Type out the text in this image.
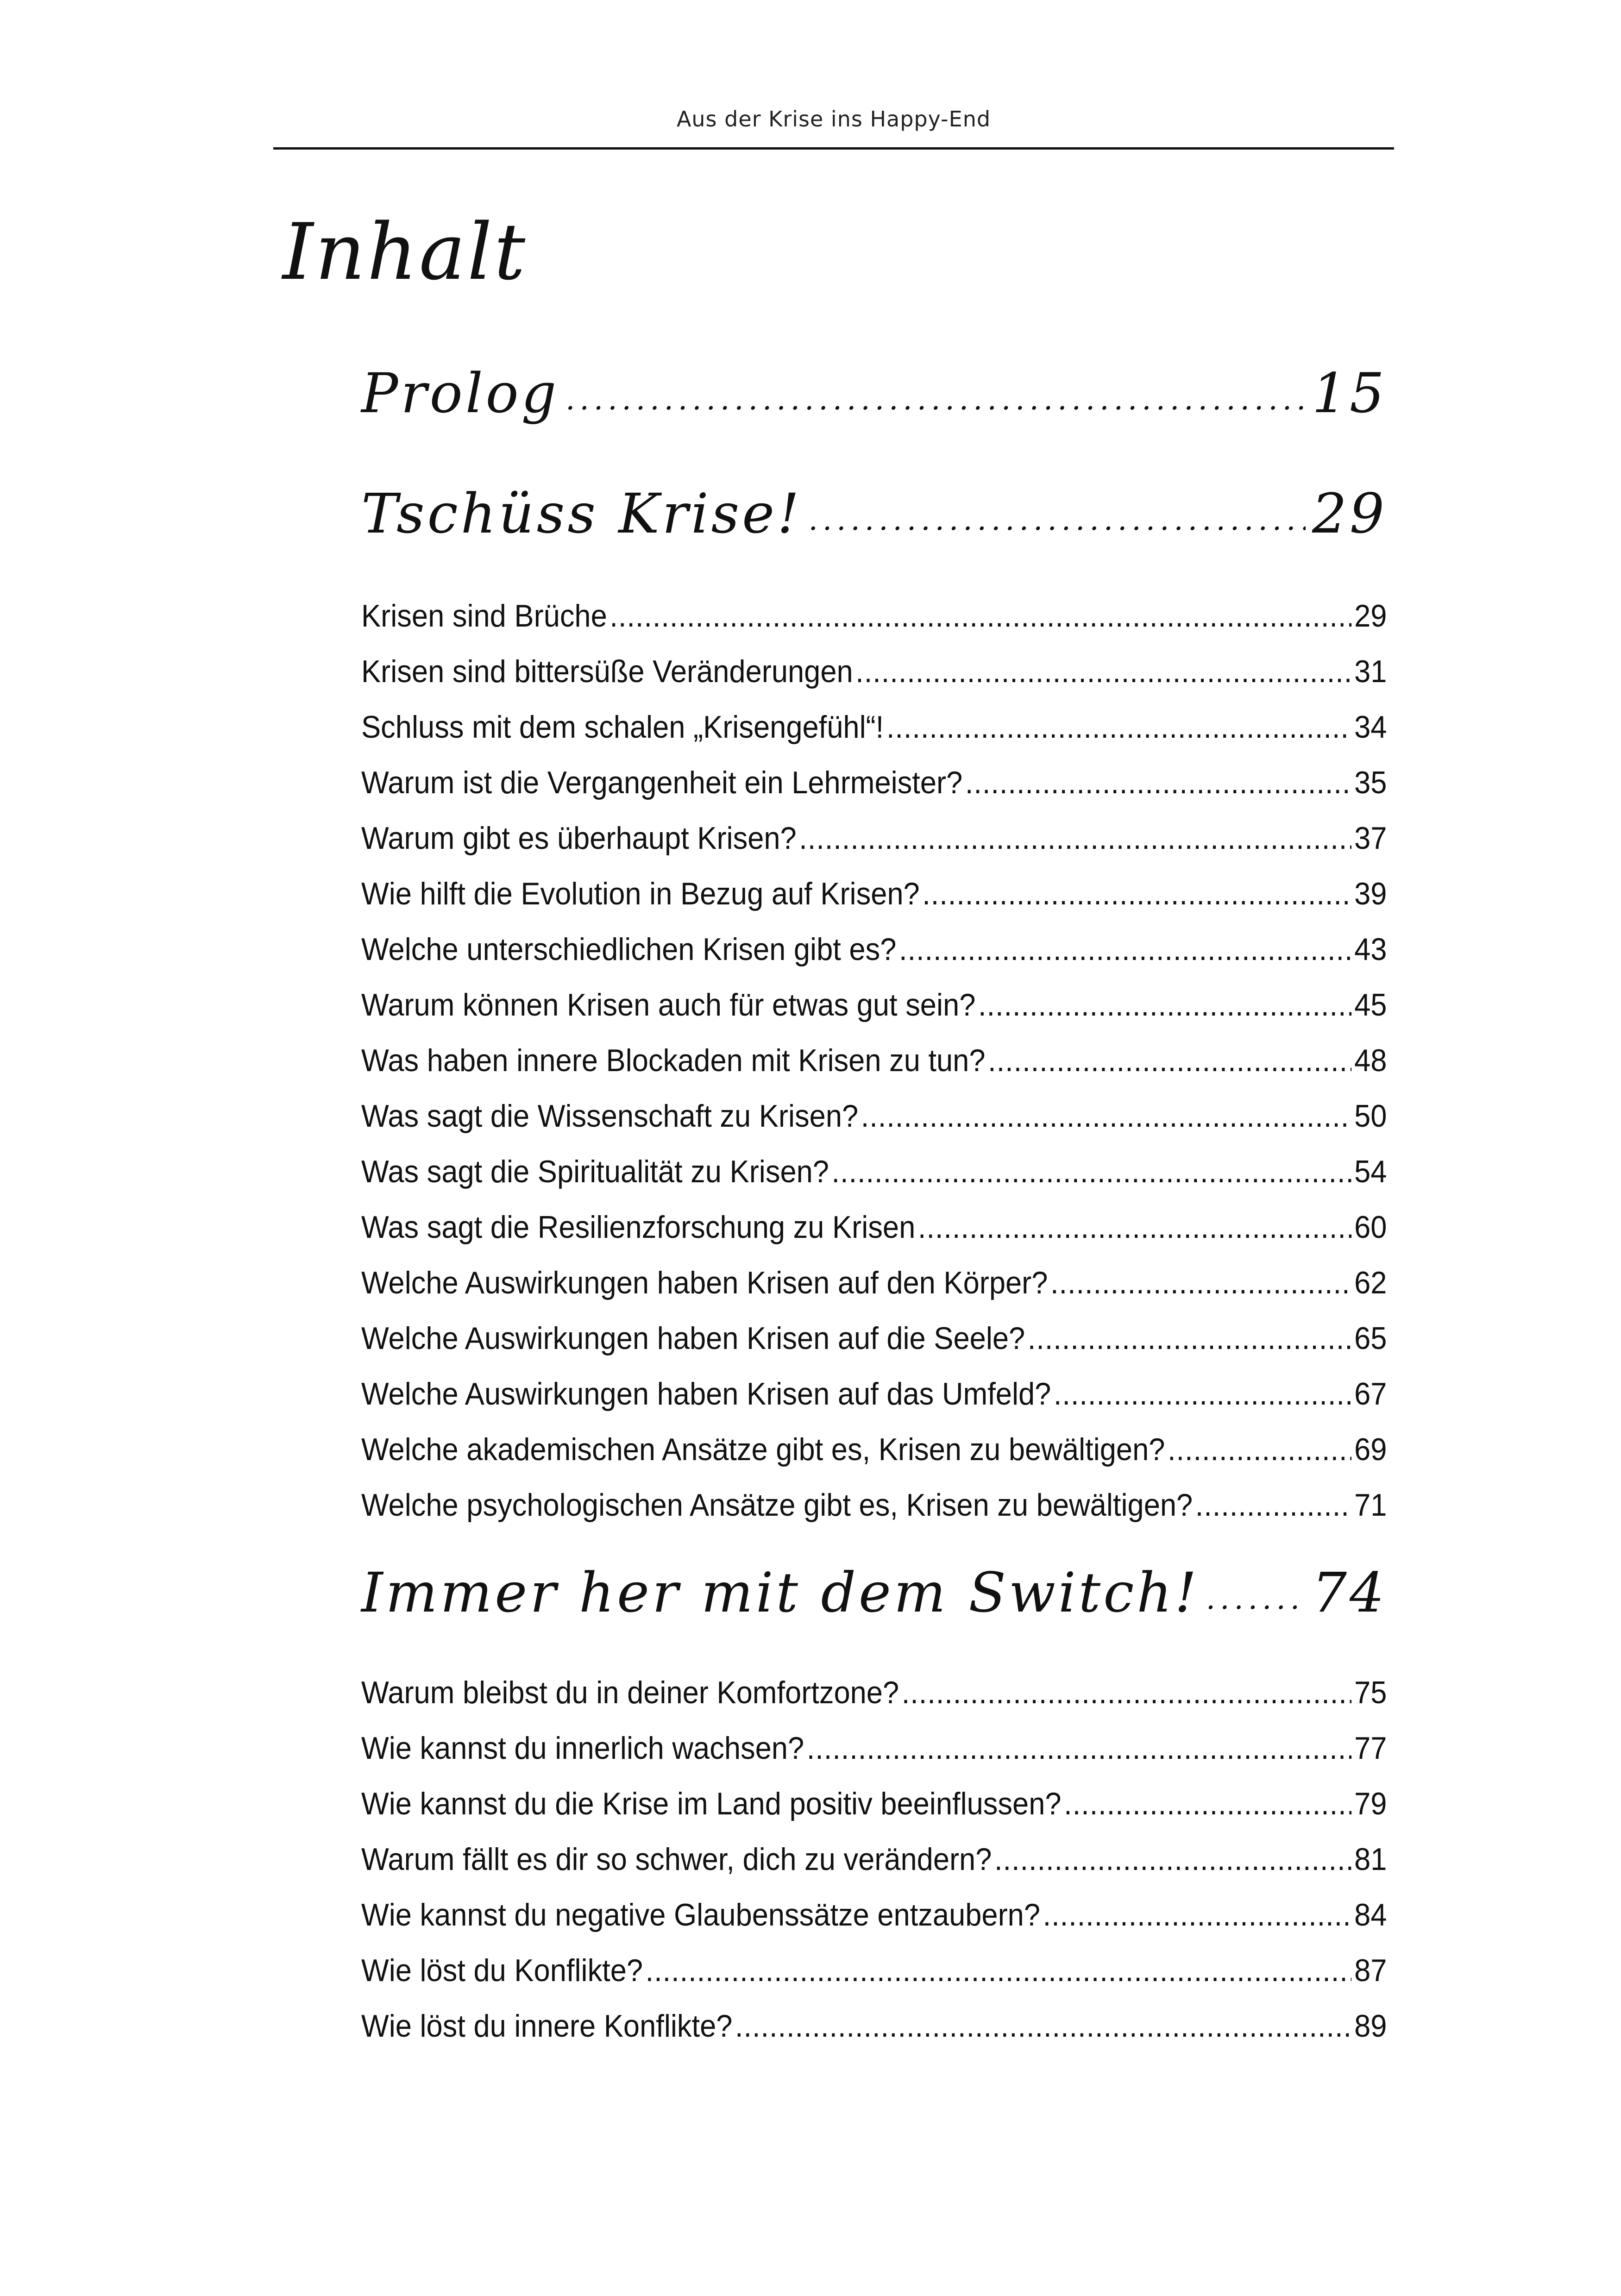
Aus der Krise ins Happy-End
Inhalt
Prolog .....	15
Tschüss Krise! .....	29
Krisen sind Brüche .....	29
Krisen sind bittersüße Veränderungen .....	31
Schluss mit dem schalen „Krisengefühl“! .....	34
Warum ist die Vergangenheit ein Lehrmeister? .....	35
Warum gibt es überhaupt Krisen? .....	37
Wie hilft die Evolution in Bezug auf Krisen? .....	39
Welche unterschiedlichen Krisen gibt es? .....	43
Warum können Krisen auch für etwas gut sein? .....	45
Was haben innere Blockaden mit Krisen zu tun? .....	48
Was sagt die Wissenschaft zu Krisen? .....	50
Was sagt die Spiritualität zu Krisen? .....	54
Was sagt die Resilienzforschung zu Krisen .....	60
Welche Auswirkungen haben Krisen auf den Körper? .....	62
Welche Auswirkungen haben Krisen auf die Seele? .....	65
Welche Auswirkungen haben Krisen auf das Umfeld? .....	67
Welche akademischen Ansätze gibt es, Krisen zu bewältigen? .....	69
Welche psychologischen Ansätze gibt es, Krisen zu bewältigen? .....	71
Immer her mit dem Switch! ..... 74
Warum bleibst du in deiner Komfortzone? .....	75
Wie kannst du innerlich wachsen? .....	77
Wie kannst du die Krise im Land positiv beeinflussen? .....	79
Warum fällt es dir so schwer, dich zu verändern? .....	81
Wie kannst du negative Glaubenssätze entzaubern? .....	84
Wie löst du Konflikte? .....	87
Wie löst du innere Konflikte? .....	89
